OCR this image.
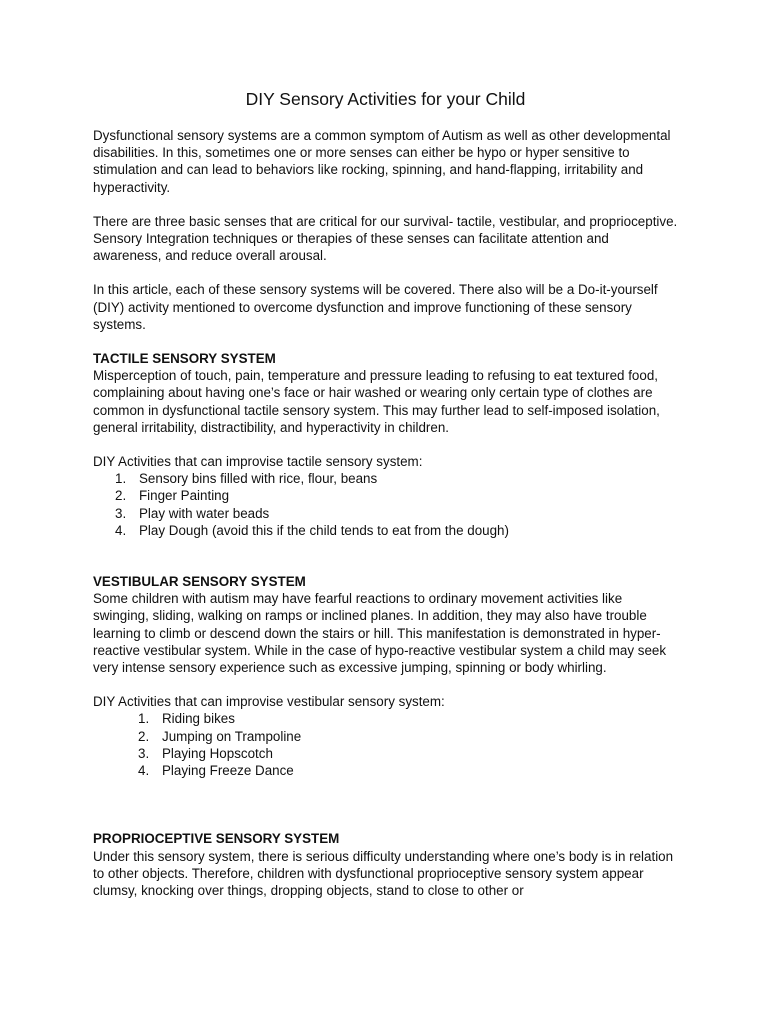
DIY Sensory Activities for your Child

Dysfunctional sensory systems are a common symptom of Autism as well as other developmental disabilities. In this, sometimes one or more senses can either be hypo or hyper sensitive to stimulation and can lead to behaviors like rocking, spinning, and hand-flapping, irritability and hyperactivity.

There are three basic senses that are critical for our survival- tactile, vestibular, and proprioceptive. Sensory Integration techniques or therapies of these senses can facilitate attention and awareness, and reduce overall arousal.

In this article, each of these sensory systems will be covered. There also will be a Do-it-yourself (DIY) activity mentioned to overcome dysfunction and improve functioning of these sensory systems.

TACTILE SENSORY SYSTEM
Misperception of touch, pain, temperature and pressure leading to refusing to eat textured food, complaining about having one’s face or hair washed or wearing only certain type of clothes are common in dysfunctional tactile sensory system. This may further lead to self-imposed isolation, general irritability, distractibility, and hyperactivity in children.
DIY Activities that can improvise tactile sensory system:
1. Sensory bins filled with rice, flour, beans
2. Finger Painting
3. Play with water beads
4. Play Dough (avoid this if the child tends to eat from the dough)
VESTIBULAR SENSORY SYSTEM
Some children with autism may have fearful reactions to ordinary movement activities like swinging, sliding, walking on ramps or inclined planes. In addition, they may also have trouble learning to climb or descend down the stairs or hill. This manifestation is demonstrated in hyper-reactive vestibular system. While in the case of hypo-reactive vestibular system a child may seek very intense sensory experience such as excessive jumping, spinning or body whirling.
DIY Activities that can improvise vestibular sensory system:
1. Riding bikes
2. Jumping on Trampoline
3. Playing Hopscotch
4. Playing Freeze Dance
PROPRIOCEPTIVE SENSORY SYSTEM
Under this sensory system, there is serious difficulty understanding where one’s body is in relation to other objects. Therefore, children with dysfunctional proprioceptive sensory system appear clumsy, knocking over things, dropping objects, stand to close to other or
